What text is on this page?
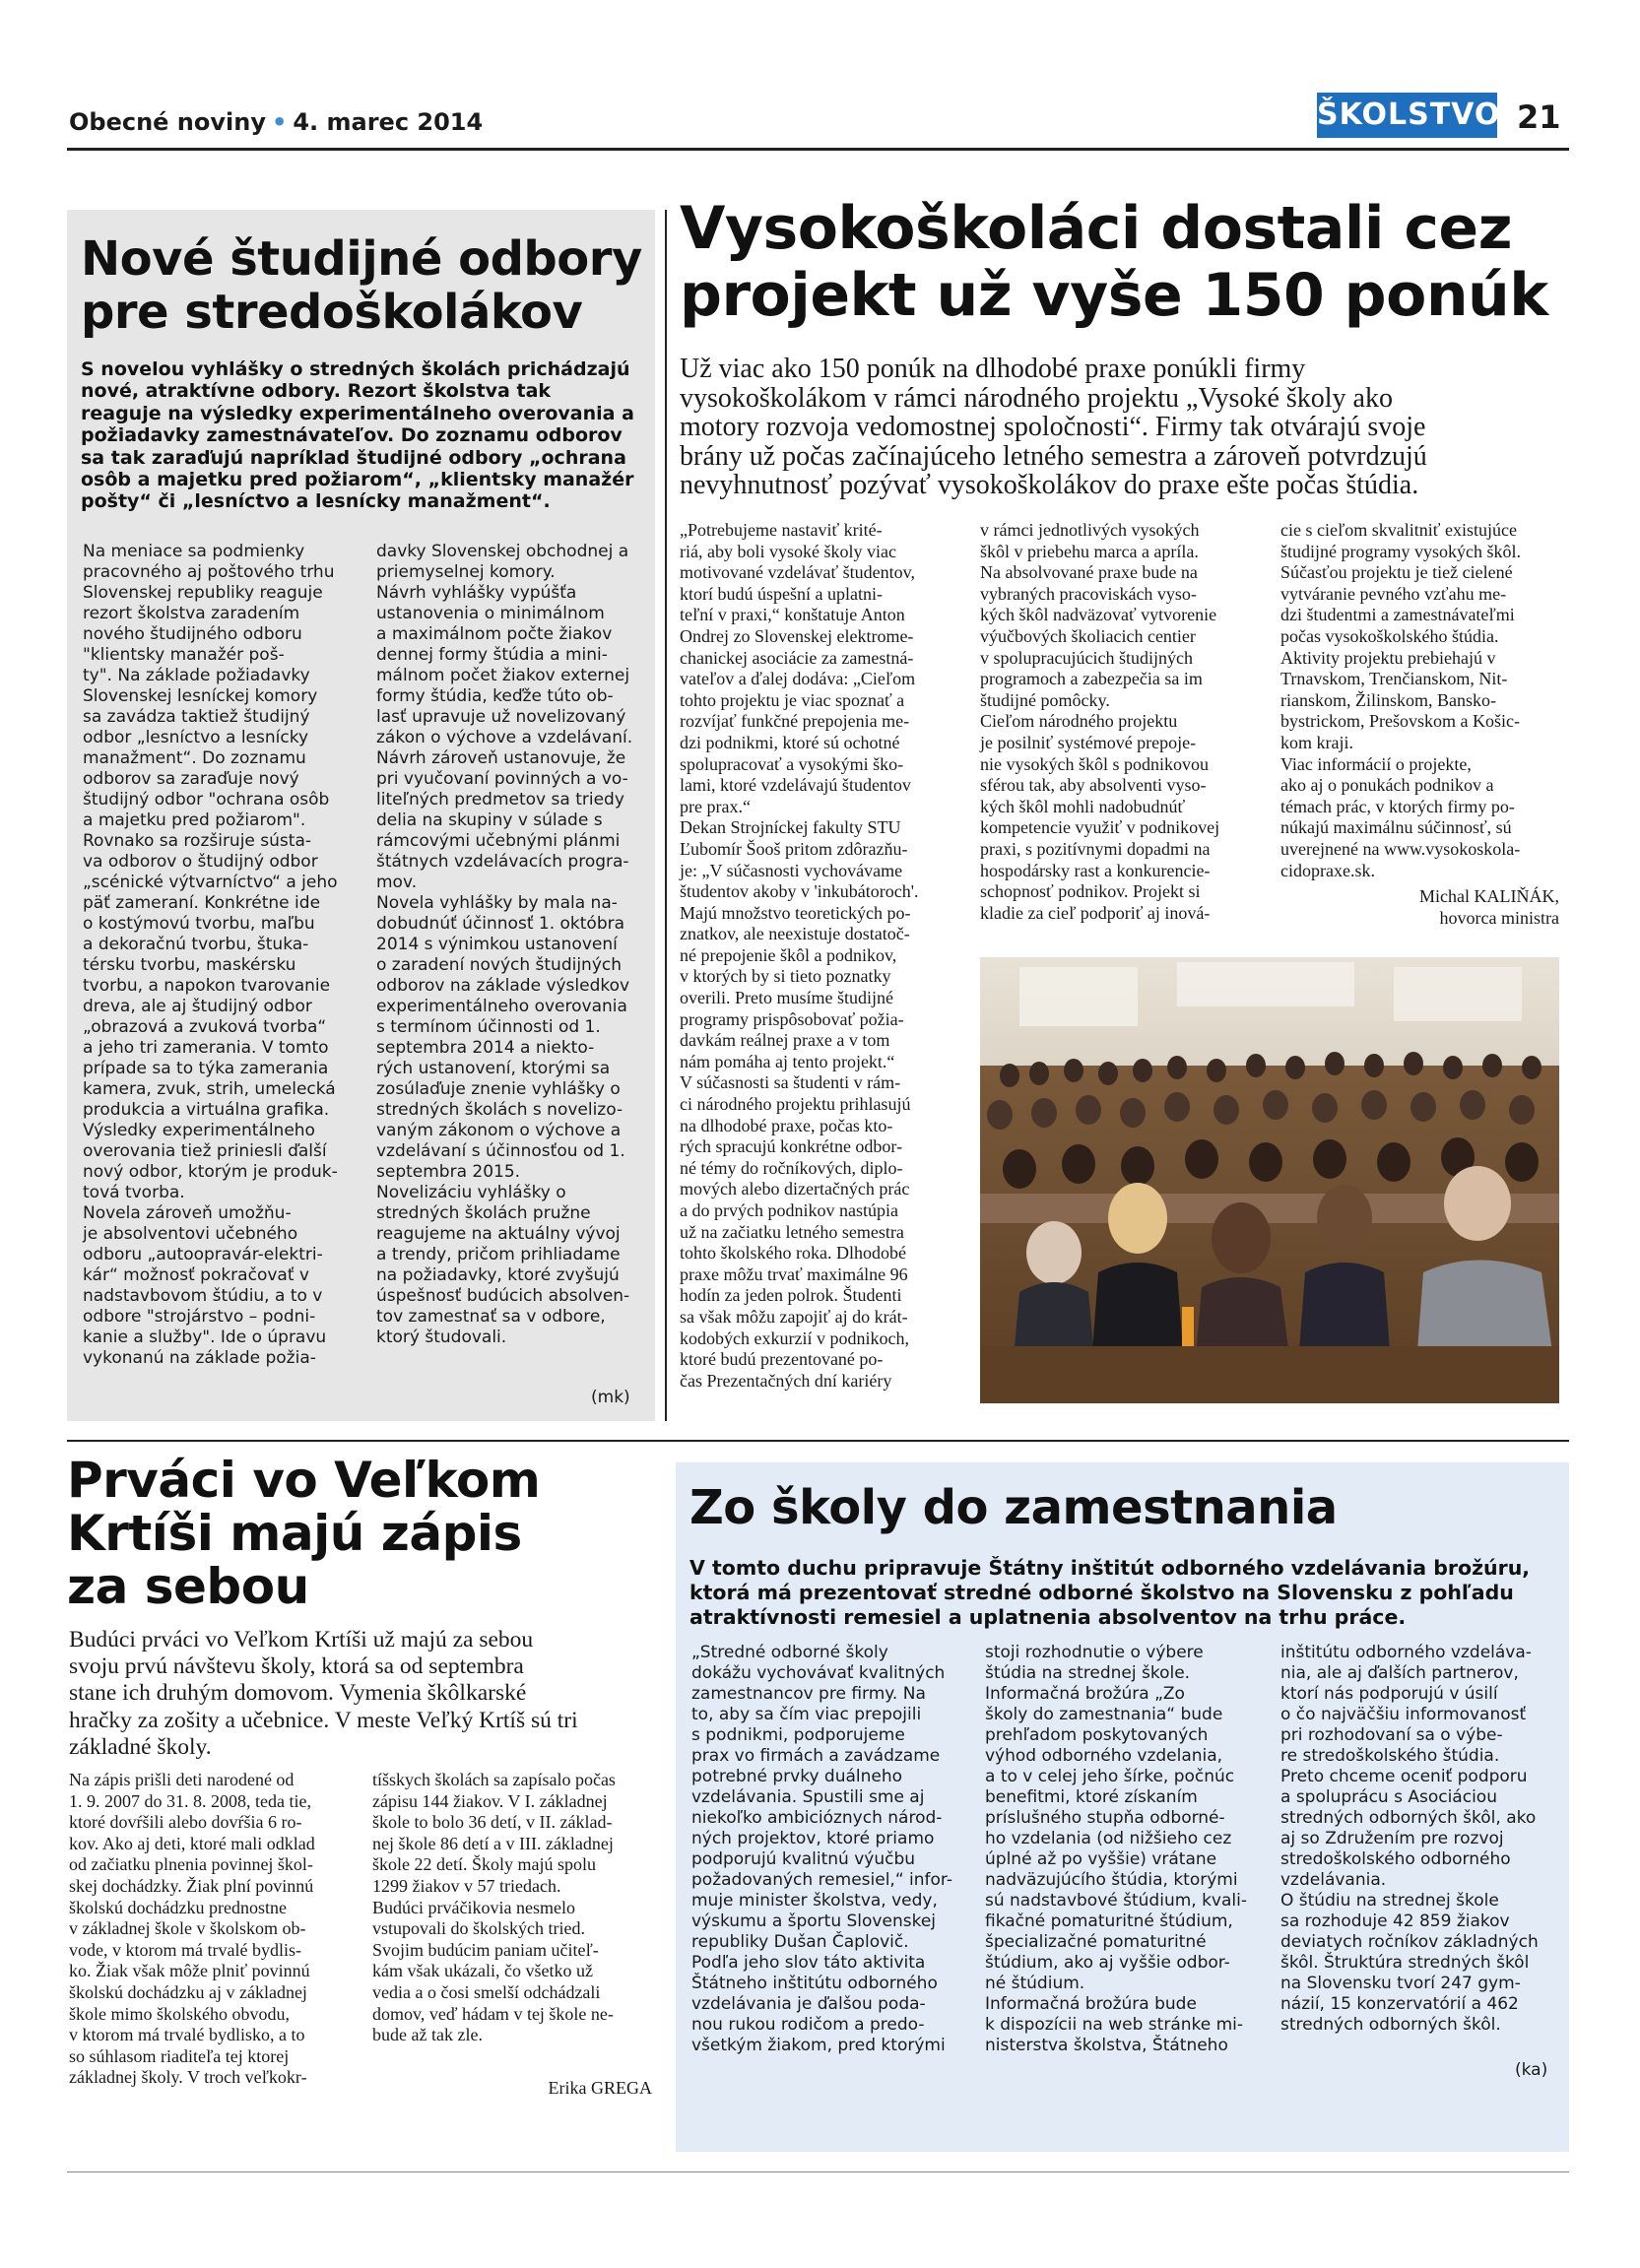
Obecné noviny • 4. marec 2014	ŠKOLSTVO 21
Nové študijné odbory
pre stredoškolákov
S novelou vyhlášky o stredných školách prichádzajú
nové, atraktívne odbory. Rezort školstva tak
reaguje na výsledky experimentálneho overovania a
požiadavky zamestnávateľov. Do zoznamu odborov
sa tak zaraďujú napríklad študijné odbory „ochrana
osôb a majetku pred požiarom“, „klientsky manažér
pošty“ či „lesníctvo a lesnícky manažment“.
Na meniace sa podmienky
pracovného aj poštového trhu
Slovenskej republiky reaguje
rezort školstva zaradením
nového študijného odboru
"klientsky manažér poš-
ty". Na základe požiadavky
Slovenskej lesníckej komory
sa zavádza taktiež študijný
odbor „lesníctvo a lesnícky
manažment“. Do zoznamu
odborov sa zaraďuje nový
študijný odbor "ochrana osôb
a majetku pred požiarom".
Rovnako sa rozširuje sústa-
va odborov o študijný odbor
„scénické výtvarníctvo“ a jeho
päť zameraní. Konkrétne ide
o kostýmovú tvorbu, maľbu
a dekoračnú tvorbu, štuka-
térsku tvorbu, maskérsku
tvorbu, a napokon tvarovanie
dreva, ale aj študijný odbor
„obrazová a zvuková tvorba“
a jeho tri zamerania. V tomto
prípade sa to týka zamerania
kamera, zvuk, strih, umelecká
produkcia a virtuálna grafika.
Výsledky experimentálneho
overovania tiež priniesli ďalší
nový odbor, ktorým je produk-
tová tvorba.
Novela zároveň umožňu-
je absolventovi učebného
odboru „autoopravár-elektri-
kár“ možnosť pokračovať v
nadstavbovom štúdiu, a to v
odbore "strojárstvo – podni-
kanie a služby". Ide o úpravu
vykonanú na základe požia-
davky Slovenskej obchodnej a
priemyselnej komory.
Návrh vyhlášky vypúšťa
ustanovenia o minimálnom
a maximálnom počte žiakov
dennej formy štúdia a mini-
málnom počet žiakov externej
formy štúdia, keďže túto ob-
lasť upravuje už novelizovaný
zákon o výchove a vzdelávaní.
Návrh zároveň ustanovuje, že
pri vyučovaní povinných a vo-
liteľných predmetov sa triedy
delia na skupiny v súlade s
rámcovými učebnými plánmi
štátnych vzdelávacích progra-
mov.
Novela vyhlášky by mala na-
dobudnúť účinnosť 1. októbra
2014 s výnimkou ustanovení
o zaradení nových študijných
odborov na základe výsledkov
experimentálneho overovania
s termínom účinnosti od 1.
septembra 2014 a niekto-
rých ustanovení, ktorými sa
zosúlaďuje znenie vyhlášky o
stredných školách s novelizo-
vaným zákonom o výchove a
vzdelávaní s účinnosťou od 1.
septembra 2015.
Novelizáciu vyhlášky o
stredných školách pružne
reagujeme na aktuálny vývoj
a trendy, pričom prihliadame
na požiadavky, ktoré zvyšujú
úspešnosť budúcich absolven-
tov zamestnať sa v odbore,
ktorý študovali.
(mk)
Vysokoškoláci dostali cez
projekt už vyše 150 ponúk
Už viac ako 150 ponúk na dlhodobé praxe ponúkli firmy
vysokoškolákom v rámci národného projektu „Vysoké školy ako
motory rozvoja vedomostnej spoločnosti“. Firmy tak otvárajú svoje
brány už počas začínajúceho letného semestra a zároveň potvrdzujú
nevyhnutnosť pozývať vysokoškolákov do praxe ešte počas štúdia.
„Potrebujeme nastaviť krité-
riá, aby boli vysoké školy viac
motivované vzdelávať študentov,
ktorí budú úspešní a uplatni-
teľní v praxi,“ konštatuje Anton
Ondrej zo Slovenskej elektrome-
chanickej asociácie za zamestná-
vateľov a ďalej dodáva: „Cieľom
tohto projektu je viac spoznať a
rozvíjať funkčné prepojenia me-
dzi podnikmi, ktoré sú ochotné
spolupracovať a vysokými ško-
lami, ktoré vzdelávajú študentov
pre prax.“
Dekan Strojníckej fakulty STU
Ľubomír Šooš pritom zdôrazňu-
je: „V súčasnosti vychovávame
študentov akoby v 'inkubátoroch'.
Majú množstvo teoretických po-
znatkov, ale neexistuje dostatoč-
né prepojenie škôl a podnikov,
v ktorých by si tieto poznatky
overili. Preto musíme študijné
programy prispôsobovať požia-
davkám reálnej praxe a v tom
nám pomáha aj tento projekt.“
V súčasnosti sa študenti v rám-
ci národného projektu prihlasujú
na dlhodobé praxe, počas kto-
rých spracujú konkrétne odbor-
né témy do ročníkových, diplo-
mových alebo dizertačných prác
a do prvých podnikov nastúpia
už na začiatku letného semestra
tohto školského roka. Dlhodobé
praxe môžu trvať maximálne 96
hodín za jeden polrok. Študenti
sa však môžu zapojiť aj do krát-
kodobých exkurzií v podnikoch,
ktoré budú prezentované po-
čas Prezentačných dní kariéry
v rámci jednotlivých vysokých
škôl v priebehu marca a apríla.
Na absolvované praxe bude na
vybraných pracoviskách vyso-
kých škôl nadväzovať vytvorenie
výučbových školiacich centier
v spolupracujúcich študijných
programoch a zabezpečia sa im
študijné pomôcky.
Cieľom národného projektu
je posilniť systémové prepoje-
nie vysokých škôl s podnikovou
sférou tak, aby absolventi vyso-
kých škôl mohli nadobudnúť
kompetencie využiť v podnikovej
praxi, s pozitívnymi dopadmi na
hospodársky rast a konkurencie-
schopnosť podnikov. Projekt si
kladie za cieľ podporiť aj inová-
cie s cieľom skvalitniť existujúce
študijné programy vysokých škôl.
Súčasťou projektu je tiež cielené
vytváranie pevného vzťahu me-
dzi študentmi a zamestnávateľmi
počas vysokoškolského štúdia.
Aktivity projektu prebiehajú v
Trnavskom, Trenčianskom, Nit-
rianskom, Žilinskom, Bansko-
bystrickom, Prešovskom a Košic-
kom kraji.
Viac informácií o projekte,
ako aj o ponukách podnikov a
témach prác, v ktorých firmy po-
núkajú maximálnu súčinnosť, sú
uverejnené na www.vysokoskola-
cidopraxe.sk.
Michal KALIŇÁK,
hovorca ministra
Prváci vo Veľkom
Krtíši majú zápis
za sebou
Budúci prváci vo Veľkom Krtíši už majú za sebou
svoju prvú návštevu školy, ktorá sa od septembra
stane ich druhým domovom. Vymenia škôlkarské
hračky za zošity a učebnice. V meste Veľký Krtíš sú tri
základné školy.
Na zápis prišli deti narodené od
1. 9. 2007 do 31. 8. 2008, teda tie,
ktoré dovŕšili alebo dovŕšia 6 ro-
kov. Ako aj deti, ktoré mali odklad
od začiatku plnenia povinnej škol-
skej dochádzky. Žiak plní povinnú
školskú dochádzku prednostne
v základnej škole v školskom ob-
vode, v ktorom má trvalé bydlis-
ko. Žiak však môže plniť povinnú
školskú dochádzku aj v základnej
škole mimo školského obvodu,
v ktorom má trvalé bydlisko, a to
so súhlasom riaditeľa tej ktorej
základnej školy. V troch veľkokr-
tíšskych školách sa zapísalo počas
zápisu 144 žiakov. V I. základnej
škole to bolo 36 detí, v II. základ-
nej škole 86 detí a v III. základnej
škole 22 detí. Školy majú spolu
1299 žiakov v 57 triedach.
Budúci prváčikovia nesmelo
vstupovali do školských tried.
Svojim budúcim paniam učiteľ-
kám však ukázali, čo všetko už
vedia a o čosi smelší odchádzali
domov, veď hádam v tej škole ne-
bude až tak zle.
Erika GREGA
Zo školy do zamestnania
V tomto duchu pripravuje Štátny inštitút odborného vzdelávania brožúru,
ktorá má prezentovať stredné odborné školstvo na Slovensku z pohľadu
atraktívnosti remesiel a uplatnenia absolventov na trhu práce.
„Stredné odborné školy
dokážu vychovávať kvalitných
zamestnancov pre firmy. Na
to, aby sa čím viac prepojili
s podnikmi, podporujeme
prax vo firmách a zavádzame
potrebné prvky duálneho
vzdelávania. Spustili sme aj
niekoľko ambicióznych národ-
ných projektov, ktoré priamo
podporujú kvalitnú výučbu
požadovaných remesiel,“ infor-
muje minister školstva, vedy,
výskumu a športu Slovenskej
republiky Dušan Čaplovič.
Podľa jeho slov táto aktivita
Štátneho inštitútu odborného
vzdelávania je ďalšou poda-
nou rukou rodičom a predo-
všetkým žiakom, pred ktorými
stoji rozhodnutie o výbere
štúdia na strednej škole.
Informačná brožúra „Zo
školy do zamestnania“ bude
prehľadom poskytovaných
výhod odborného vzdelania,
a to v celej jeho šírke, počnúc
benefitmi, ktoré získaním
príslušného stupňa odborné-
ho vzdelania (od nižšieho cez
úplné až po vyššie) vrátane
nadväzujúcího štúdia, ktorými
sú nadstavbové štúdium, kvali-
fikačné pomaturitné štúdium,
špecializačné pomaturitné
štúdium, ako aj vyššie odbor-
né štúdium.
Informačná brožúra bude
k dispozícii na web stránke mi-
nisterstva školstva, Štátneho
inštitútu odborného vzdeláva-
nia, ale aj ďalších partnerov,
ktorí nás podporujú v úsilí
o čo najväčšiu informovanosť
pri rozhodovaní sa o výbe-
re stredoškolského štúdia.
Preto chceme oceniť podporu
a spoluprácu s Asociáciou
stredných odborných škôl, ako
aj so Združením pre rozvoj
stredoškolského odborného
vzdelávania.
O štúdiu na strednej škole
sa rozhoduje 42 859 žiakov
deviatych ročníkov základných
škôl. Štruktúra stredných škôl
na Slovensku tvorí 247 gym-
názií, 15 konzervatórií a 462
stredných odborných škôl.
(ka)
